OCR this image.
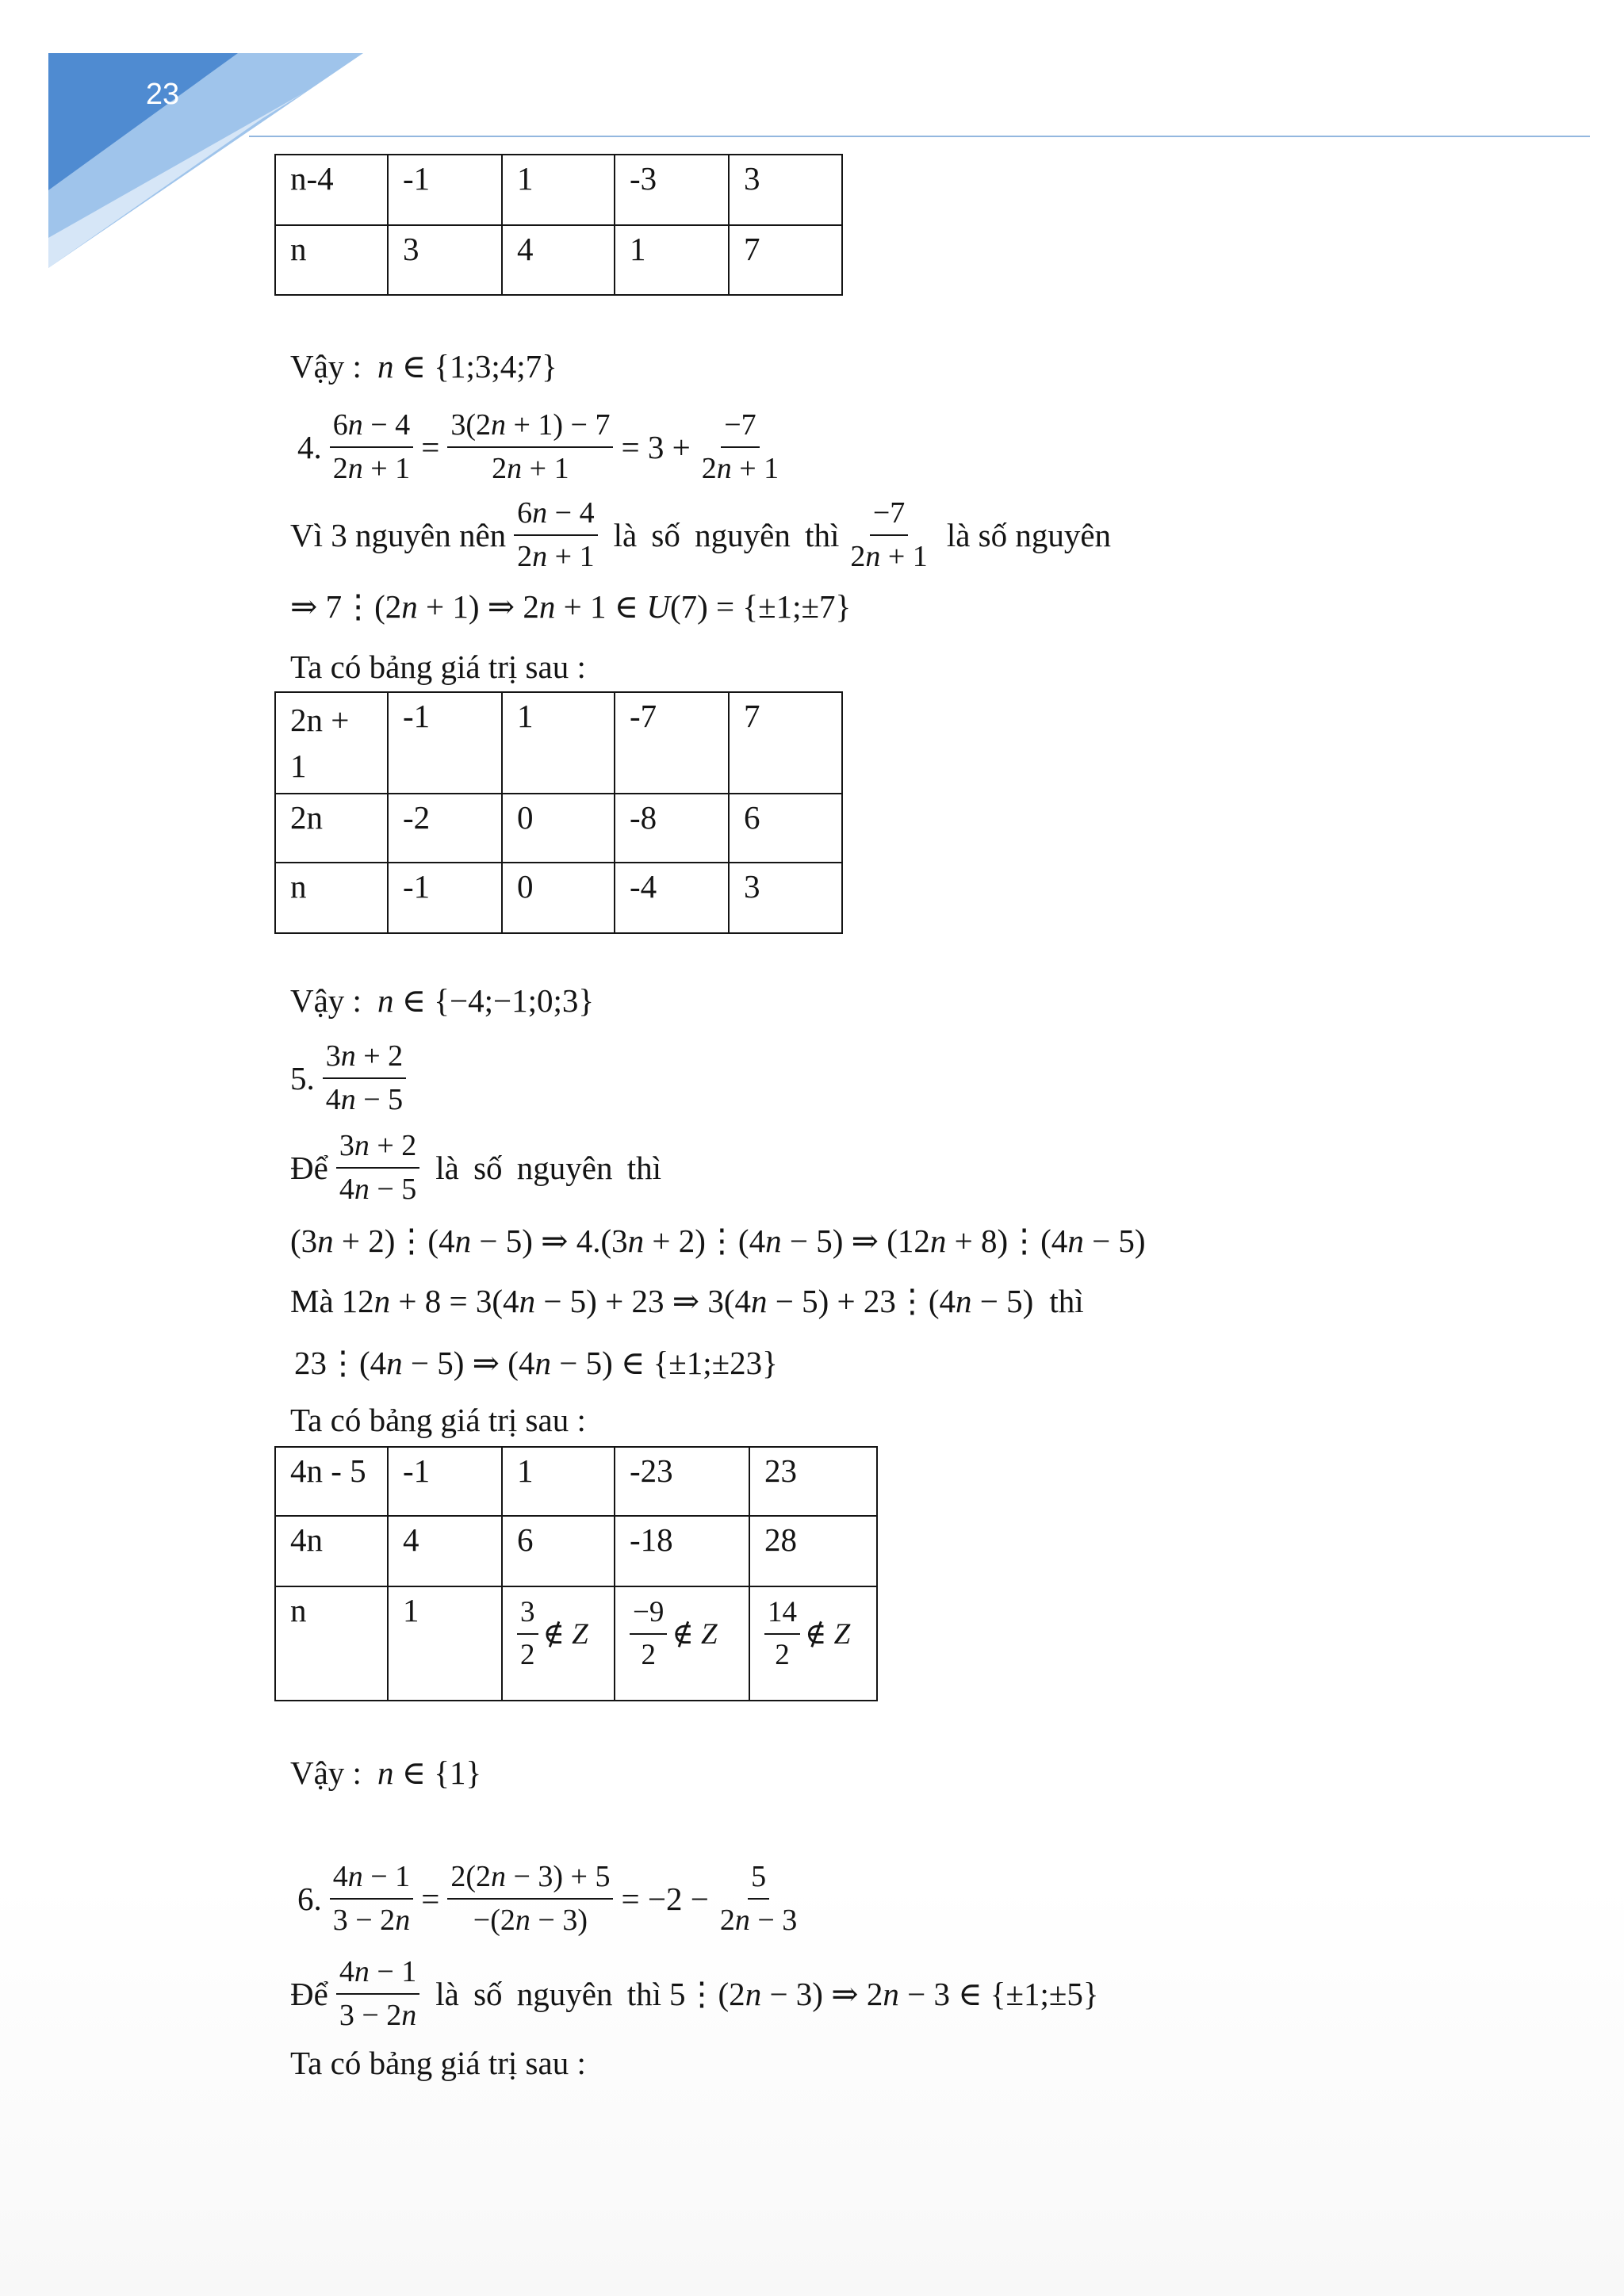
23
n-4	-1	1	-3	3
n	3	4	1	7
Vậy : n ∈ {1;3;4;7}
4. $\frac{6n - 4}{2n + 1} = \frac{3(2n + 1) - 7}{2n + 1} = 3 + \frac{-7}{2n + 1}$
Vì 3 nguyên nên $\frac{6n - 4}{2n + 1}$ là số nguyên thì $\frac{-7}{2n + 1}$ là số nguyên
⇒ 7⋮(2n + 1) ⇒ 2n + 1 ∈ U(7) = {±1;±7}
Ta có bảng giá trị sau :
2n + 1	-1	1	-7	7
2n	-2	0	-8	6
n	-1	0	-4	3
Vậy : n ∈ {−4;−1;0;3}
5. $\frac{3n + 2}{4n - 5}$
Để $\frac{3n + 2}{4n - 5}$ là số nguyên thì
(3n + 2)⋮(4n − 5) ⇒ 4.(3n + 2)⋮(4n − 5) ⇒ (12n + 8)⋮(4n − 5)
Mà 12n + 8 = 3(4n − 5) + 23 ⇒ 3(4n − 5) + 23⋮(4n − 5) thì
23⋮(4n − 5) ⇒ (4n − 5) ∈ {±1;±23}
Ta có bảng giá trị sau :
4n - 5	-1	1	-23	23
4n	4	6	-18	28
n	1	$\frac{3}{2}$ ∉ Z	$\frac{-9}{2}$ ∉ Z	$\frac{14}{2}$ ∉ Z
Vậy : n ∈ {1}
6. $\frac{4n - 1}{3 - 2n} = \frac{2(2n - 3) + 5}{-(2n - 3)} = -2 - \frac{5}{2n - 3}$
Để $\frac{4n - 1}{3 - 2n}$ là số nguyên thì 5⋮(2n − 3) ⇒ 2n − 3 ∈ {±1;±5}
Ta có bảng giá trị sau :
